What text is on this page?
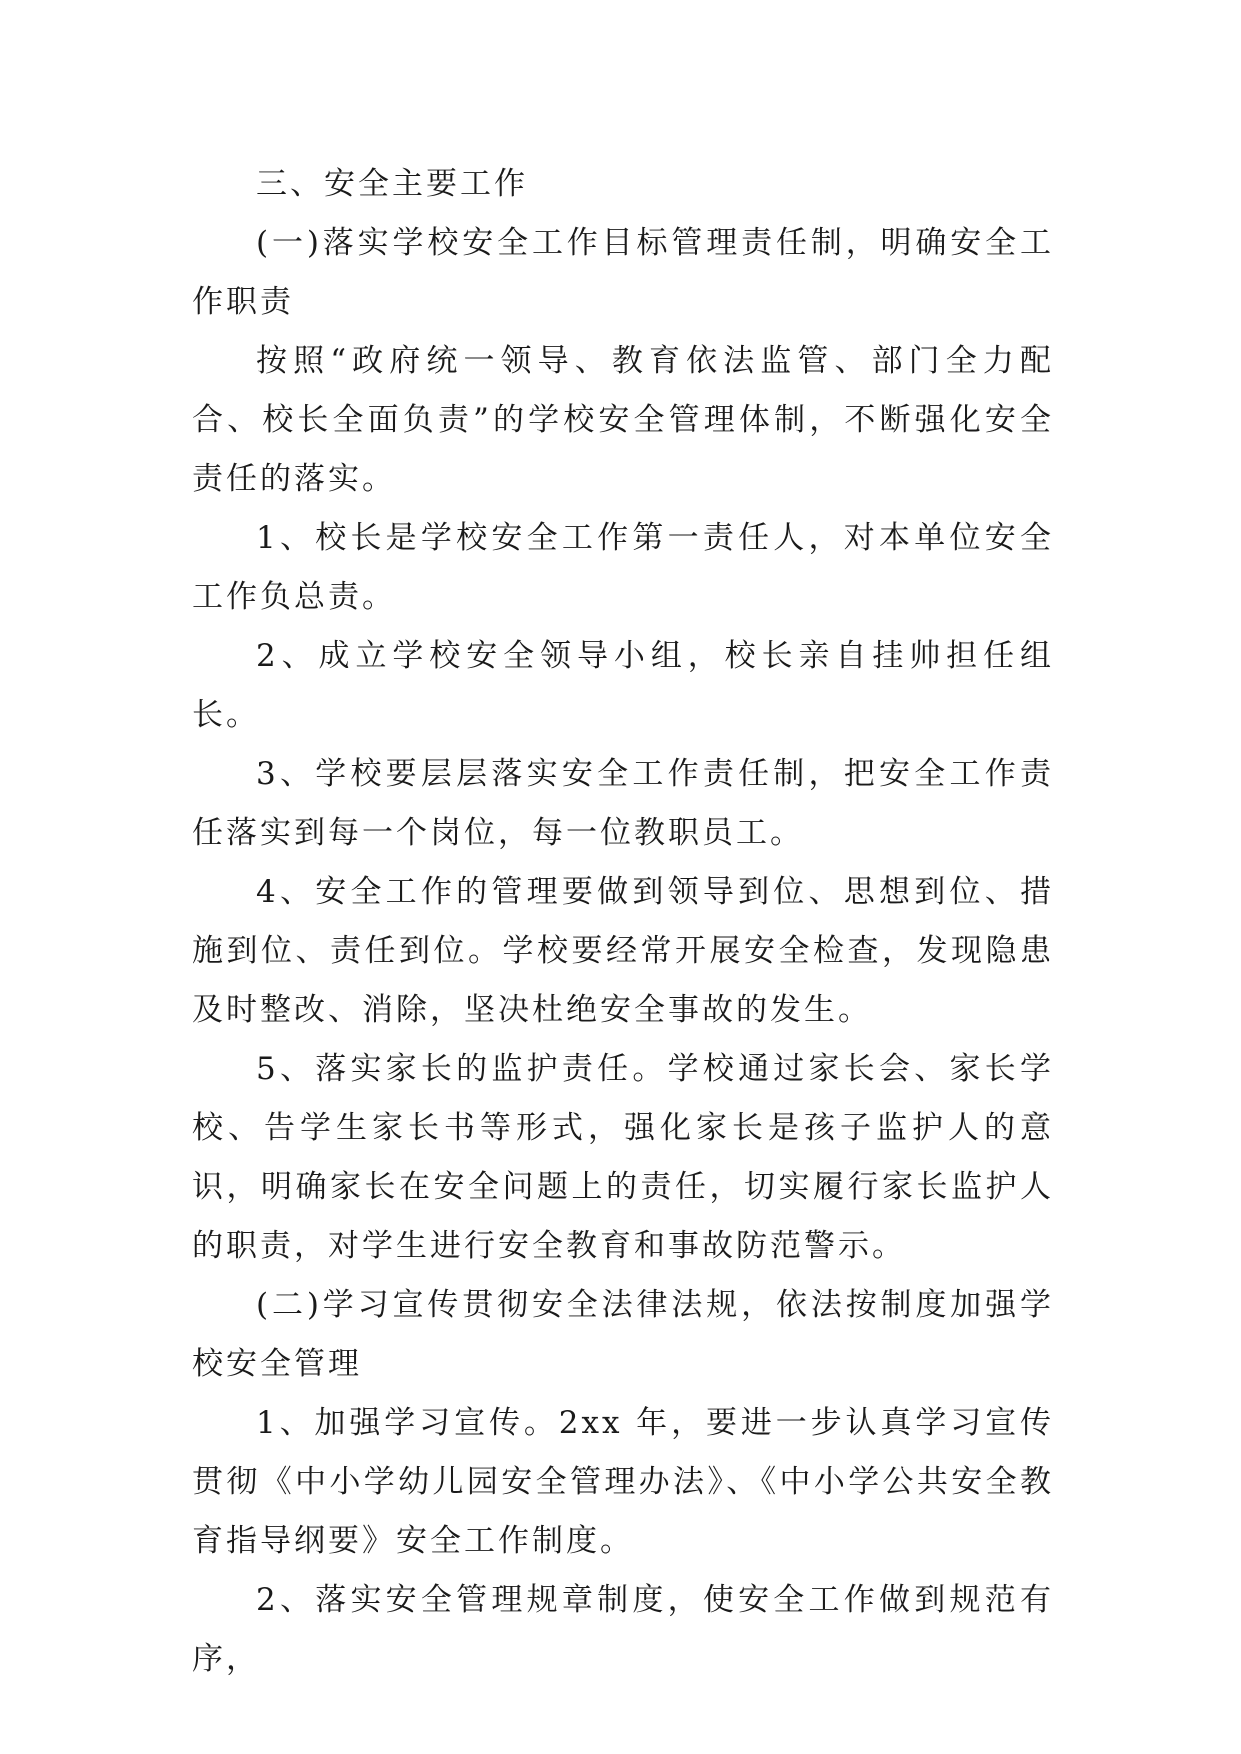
三、安全主要工作

(一)落实学校安全工作目标管理责任制，明确安全工作职责

按照“政府统一领导、教育依法监管、部门全力配合、校长全面负责”的学校安全管理体制，不断强化安全责任的落实。

1、校长是学校安全工作第一责任人，对本单位安全工作负总责。

2、成立学校安全领导小组，校长亲自挂帅担任组长。

3、学校要层层落实安全工作责任制，把安全工作责任落实到每一个岗位，每一位教职员工。

4、安全工作的管理要做到领导到位、思想到位、措施到位、责任到位。学校要经常开展安全检查，发现隐患及时整改、消除，坚决杜绝安全事故的发生。

5、落实家长的监护责任。学校通过家长会、家长学校、告学生家长书等形式，强化家长是孩子监护人的意识，明确家长在安全问题上的责任，切实履行家长监护人的职责，对学生进行安全教育和事故防范警示。

(二)学习宣传贯彻安全法律法规，依法按制度加强学校安全管理

1、加强学习宣传。2xx 年，要进一步认真学习宣传贯彻《中小学幼儿园安全管理办法》、《中小学公共安全教育指导纲要》安全工作制度。

2、落实安全管理规章制度，使安全工作做到规范有序，
